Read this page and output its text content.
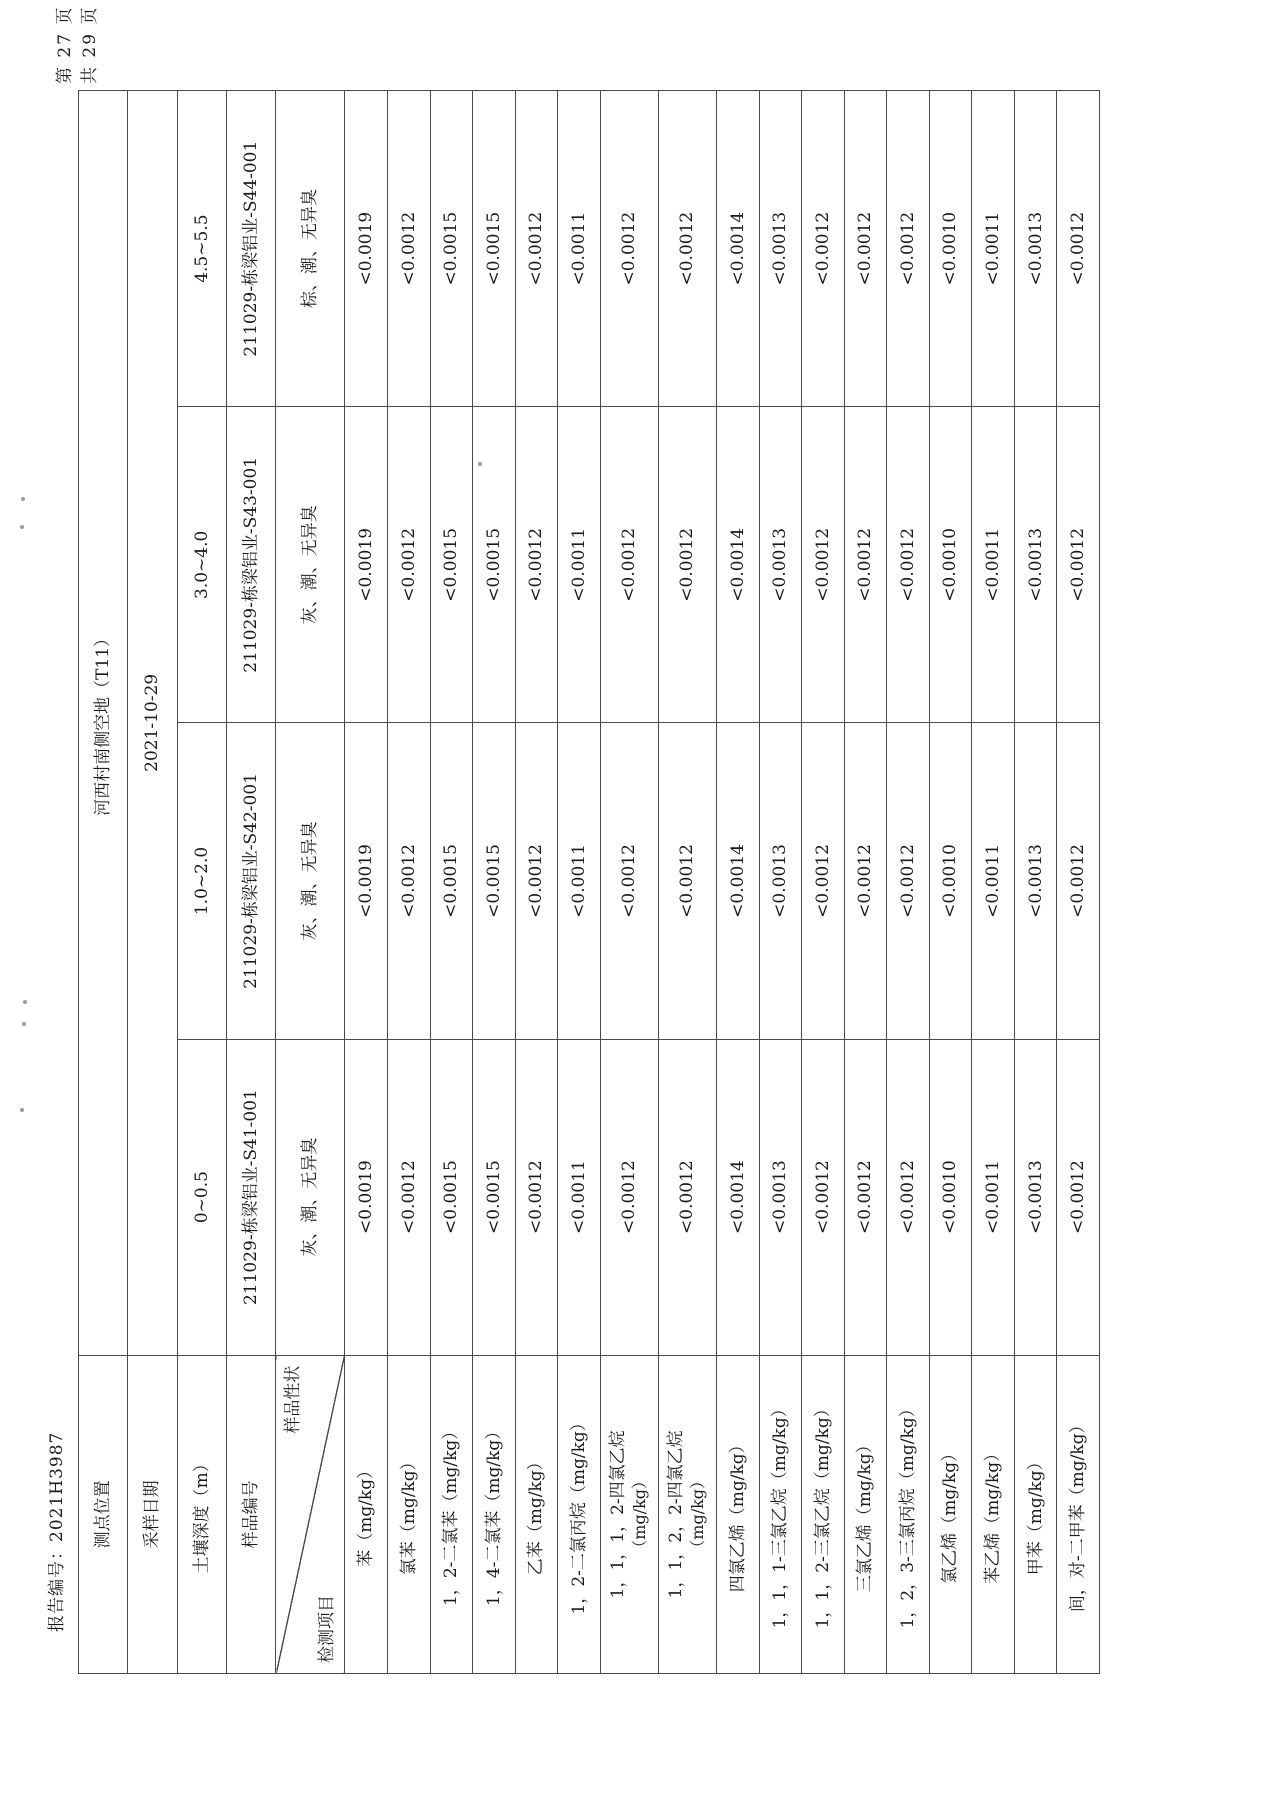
报告编号：2021H3987
第 27 页 共 29 页
测点位置	河西村南侧空地（T11）			
采样日期	2021-10-29			
土壤深度（m）	0~0.5	1.0~2.0	3.0~4.0	4.5~5.5
样品编号	211029-栋梁铝业-S41-001	211029-栋梁铝业-S42-001	211029-栋梁铝业-S43-001	211029-栋梁铝业-S44-001

样品性状
检测项目	灰、潮、无异臭	灰、潮、无异臭	灰、潮、无异臭	棕、潮、无异臭
苯（mg/kg）	<0.0019	<0.0019	<0.0019	<0.0019
氯苯（mg/kg）	<0.0012	<0.0012	<0.0012	<0.0012
1，2-二氯苯（mg/kg）	<0.0015	<0.0015	<0.0015	<0.0015
1，4-二氯苯（mg/kg）	<0.0015	<0.0015	<0.0015	<0.0015
乙苯（mg/kg）	<0.0012	<0.0012	<0.0012	<0.0012
1，2-二氯丙烷（mg/kg）	<0.0011	<0.0011	<0.0011	<0.0011
1，1，1，2-四氯乙烷 （mg/kg）	<0.0012	<0.0012	<0.0012	<0.0012
1，1，2，2-四氯乙烷 （mg/kg）	<0.0012	<0.0012	<0.0012	<0.0012
四氯乙烯（mg/kg）	<0.0014	<0.0014	<0.0014	<0.0014
1，1，1-三氯乙烷（mg/kg）	<0.0013	<0.0013	<0.0013	<0.0013
1，1，2-三氯乙烷（mg/kg）	<0.0012	<0.0012	<0.0012	<0.0012
三氯乙烯（mg/kg）	<0.0012	<0.0012	<0.0012	<0.0012
1，2，3-三氯丙烷（mg/kg）	<0.0012	<0.0012	<0.0012	<0.0012
氯乙烯（mg/kg）	<0.0010	<0.0010	<0.0010	<0.0010
苯乙烯（mg/kg）	<0.0011	<0.0011	<0.0011	<0.0011
甲苯（mg/kg）	<0.0013	<0.0013	<0.0013	<0.0013
间，对-二甲苯（mg/kg）	<0.0012	<0.0012	<0.0012	<0.0012
